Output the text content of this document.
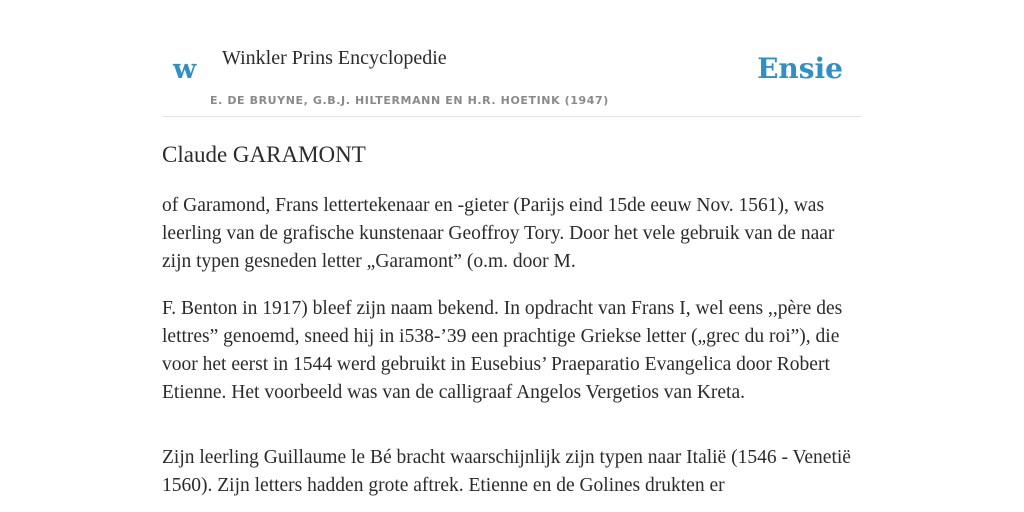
w Winkler Prins Encyclopedie
E. DE BRUYNE, G.B.J. HILTERMANN EN H.R. HOETINK (1947)
Ensie
Claude GARAMONT

of Garamond, Frans lettertekenaar en -gieter (Parijs eind 15de eeuw Nov. 1561), was leerling van de grafische kunstenaar Geoffroy Tory. Door het vele gebruik van de naar zijn typen gesneden letter „Garamont” (o.m. door M.

F. Benton in 1917) bleef zijn naam bekend. In opdracht van Frans I, wel eens ,,père des lettres” genoemd, sneed hij in i538-’39 een prachtige Griekse letter („grec du roi”), die voor het eerst in 1544 werd gebruikt in Eusebius’ Praeparatio Evangelica door Robert Etienne. Het voorbeeld was van de calligraaf Angelos Vergetios van Kreta.

Zijn leerling Guillaume le Bé bracht waarschijnlijk zijn typen naar Italië (1546 - Venetië 1560). Zijn letters hadden grote aftrek. Etienne en de Golines drukten er
